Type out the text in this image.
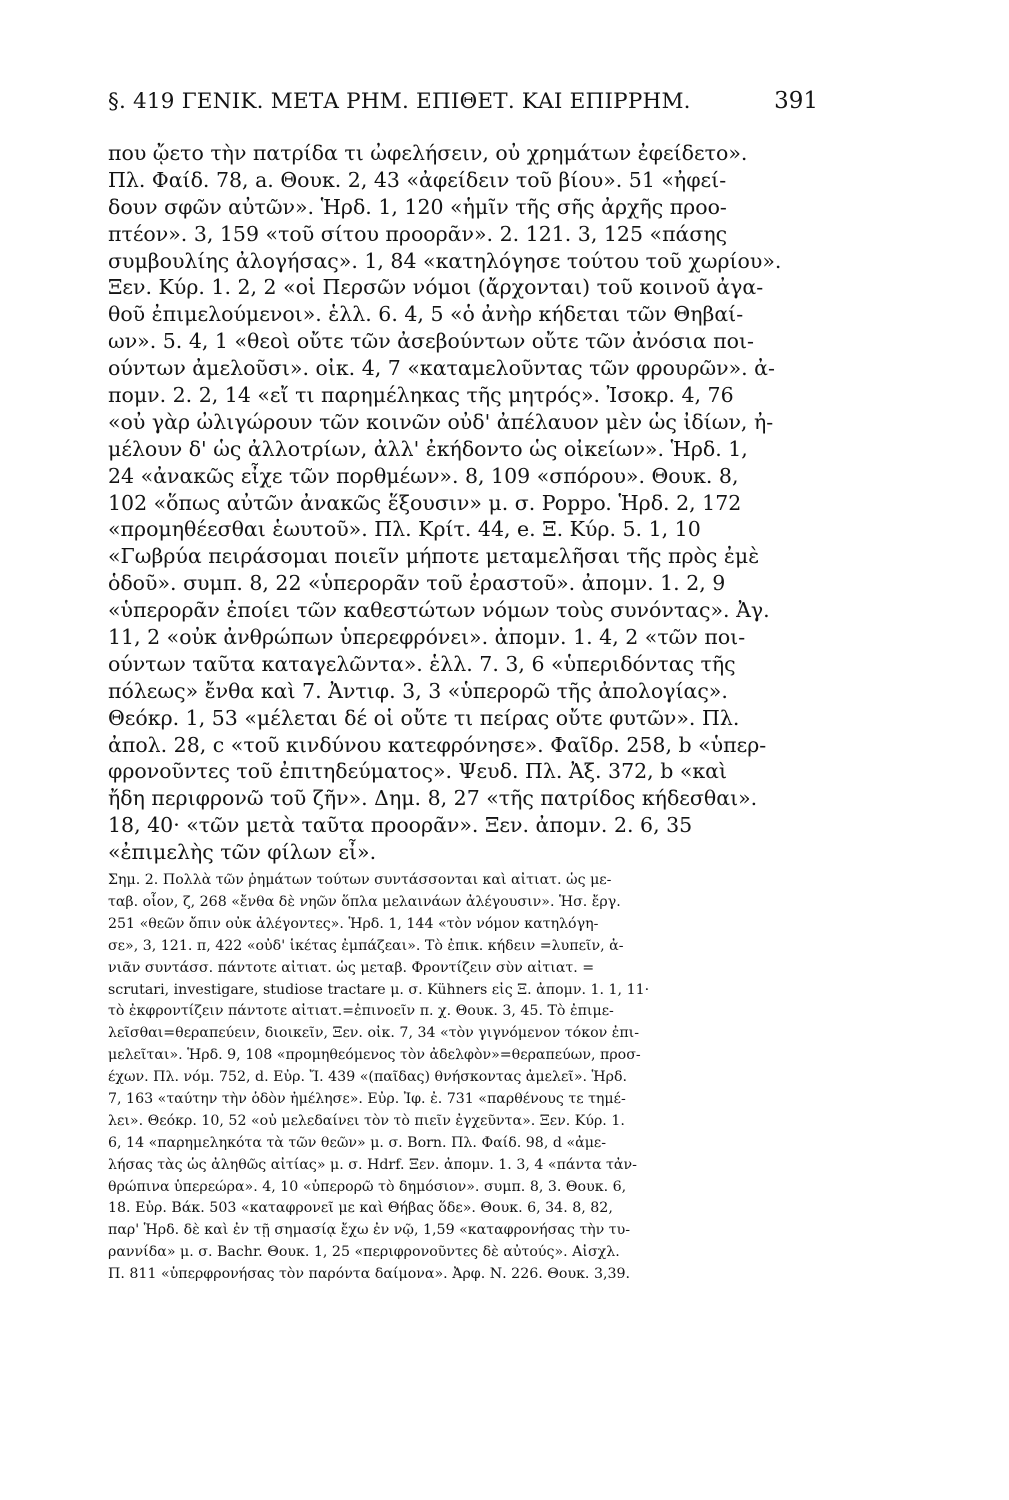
§. 419 ΓΕΝΙΚ. ΜΕΤΑ ΡΗΜ. ΕΠΙΘΕΤ. ΚΑΙ ΕΠΙΡΡΗΜ.	391
που ᾤετο τὴν πατρίδα τι ὠφελήσειν, οὐ χρημάτων ἐφείδετο».
Πλ. Φαίδ. 78, a. Θουκ. 2, 43 «ἀφείδειν τοῦ βίου». 51 «ἠφεί-
δουν σφῶν αὐτῶν». Ἡρδ. 1, 120 «ἡμῖν τῆς σῆς ἀρχῆς προο-
πτέον». 3, 159 «τοῦ σίτου προορᾶν». 2. 121. 3, 125 «πάσης
συμβουλίης ἀλογήσας». 1, 84 «κατηλόγησε τούτου τοῦ χωρίου».
Ξεν. Κύρ. 1. 2, 2 «οἱ Περσῶν νόμοι (ἄρχονται) τοῦ κοινοῦ ἀγα-
θοῦ ἐπιμελούμενοι». ἑλλ. 6. 4, 5 «ὁ ἀνὴρ κήδεται τῶν Θηβαί-
ων». 5. 4, 1 «θεοὶ οὔτε τῶν ἀσεβούντων οὔτε τῶν ἀνόσια ποι-
ούντων ἀμελοῦσι». οἰκ. 4, 7 «καταμελοῦντας τῶν φρουρῶν». ἀ-
πομν. 2. 2, 14 «εἴ τι παρημέληκας τῆς μητρός». Ἰσοκρ. 4, 76
«οὐ γὰρ ὠλιγώρουν τῶν κοινῶν οὐδ' ἀπέλαυον μὲν ὡς ἰδίων, ἠ-
μέλουν δ' ὡς ἀλλοτρίων, ἀλλ' ἐκήδοντο ὡς οἰκείων». Ἡρδ. 1,
24 «ἀνακῶς εἶχε τῶν πορθμέων». 8, 109 «σπόρου». Θουκ. 8,
102 «ὅπως αὐτῶν ἀνακῶς ἕξουσιν» μ. σ. Poppo. Ἡρδ. 2, 172
«προμηθέεσθαι ἑωυτοῦ». Πλ. Κρίτ. 44, e. Ξ. Κύρ. 5. 1, 10
«Γωβρύα πειράσομαι ποιεῖν μήποτε μεταμελῆσαι τῆς πρὸς ἐμὲ
ὁδοῦ». συμπ. 8, 22 «ὑπερορᾶν τοῦ ἐραστοῦ». ἀπομν. 1. 2, 9
«ὑπερορᾶν ἐποίει τῶν καθεστώτων νόμων τοὺς συνόντας». Ἀγ.
11, 2 «οὐκ ἀνθρώπων ὑπερεφρόνει». ἀπομν. 1. 4, 2 «τῶν ποι-
ούντων ταῦτα καταγελῶντα». ἑλλ. 7. 3, 6 «ὑπεριδόντας τῆς
πόλεως» ἔνθα καὶ 7. Ἀντιφ. 3, 3 «ὑπερορῶ τῆς ἀπολογίας».
Θεόκρ. 1, 53 «μέλεται δέ οἱ οὔτε τι πείρας οὔτε φυτῶν». Πλ.
ἀπολ. 28, c «τοῦ κινδύνου κατεφρόνησε». Φαῖδρ. 258, b «ὑπερ-
φρονοῦντες τοῦ ἐπιτηδεύματος». Ψευδ. Πλ. Ἀξ. 372, b «καὶ
ἤδη περιφρονῶ τοῦ ζῆν». Δημ. 8, 27 «τῆς πατρίδος κήδεσθαι».
18, 40· «τῶν μετὰ ταῦτα προορᾶν». Ξεν. ἀπομν. 2. 6, 35
«ἐπιμελὴς τῶν φίλων εἶ».
Σημ. 2. Πολλὰ τῶν ῥημάτων τούτων συντάσσονται καὶ αἰτιατ. ὡς με-
ταβ. οἷον, ζ, 268 «ἔνθα δὲ νηῶν ὅπλα μελαινάων ἀλέγουσιν». Ἡσ. ἔργ.
251 «θεῶν ὄπιν οὐκ ἀλέγοντες». Ἡρδ. 1, 144 «τὸν νόμον κατηλόγη-
σε», 3, 121. π, 422 «οὐδ' ἱκέτας ἐμπάζεαι». Τὸ ἐπικ. κήδειν =λυπεῖν, ἀ-
νιᾶν συντάσσ. πάντοτε αἰτιατ. ὡς μεταβ. Φροντίζειν σὺν αἰτιατ. =
scrutari, investigare, studiose tractare μ. σ. Kühners εἰς Ξ. ἀπομν. 1. 1, 11·
τὸ ἐκφροντίζειν πάντοτε αἰτιατ.=ἐπινοεῖν π. χ. Θουκ. 3, 45. Τὸ ἐπιμε-
λεῖσθαι=θεραπεύειν, διοικεῖν, Ξεν. οἰκ. 7, 34 «τὸν γιγνόμενον τόκον ἐπι-
μελεῖται». Ἡρδ. 9, 108 «προμηθεόμενος τὸν ἀδελφὸν»=θεραπεύων, προσ-
έχων. Πλ. νόμ. 752, d. Εὐρ. Ἴ. 439 «(παῖδας) θνήσκοντας ἀμελεῖ». Ἡρδ.
7, 163 «ταύτην τὴν ὁδὸν ἠμέλησε». Εὐρ. Ἰφ. ἐ. 731 «παρθένους τε τημέ-
λει». Θεόκρ. 10, 52 «οὐ μελεδαίνει τὸν τὸ πιεῖν ἐγχεῦντα». Ξεν. Κύρ. 1.
6, 14 «παρημεληκότα τὰ τῶν θεῶν» μ. σ. Born. Πλ. Φαίδ. 98, d «ἀμε-
λήσας τὰς ὡς ἀληθῶς αἰτίας» μ. σ. Hdrf. Ξεν. ἀπομν. 1. 3, 4 «πάντα τἀν-
θρώπινα ὑπερεώρα». 4, 10 «ὑπερορῶ τὸ δημόσιον». συμπ. 8, 3. Θουκ. 6,
18. Εὐρ. Βάκ. 503 «καταφρονεῖ με καὶ Θήβας ὅδε». Θουκ. 6, 34. 8, 82,
παρ' Ἡρδ. δὲ καὶ ἐν τῇ σημασίᾳ ἔχω ἐν νῷ, 1,59 «καταφρονήσας τὴν τυ-
ραννίδα» μ. σ. Bachr. Θουκ. 1, 25 «περιφρονοῦντες δὲ αὐτούς». Αἰσχλ.
Π. 811 «ὑπερφρονήσας τὸν παρόντα δαίμονα». Ἀρφ. Ν. 226. Θουκ. 3,39.
